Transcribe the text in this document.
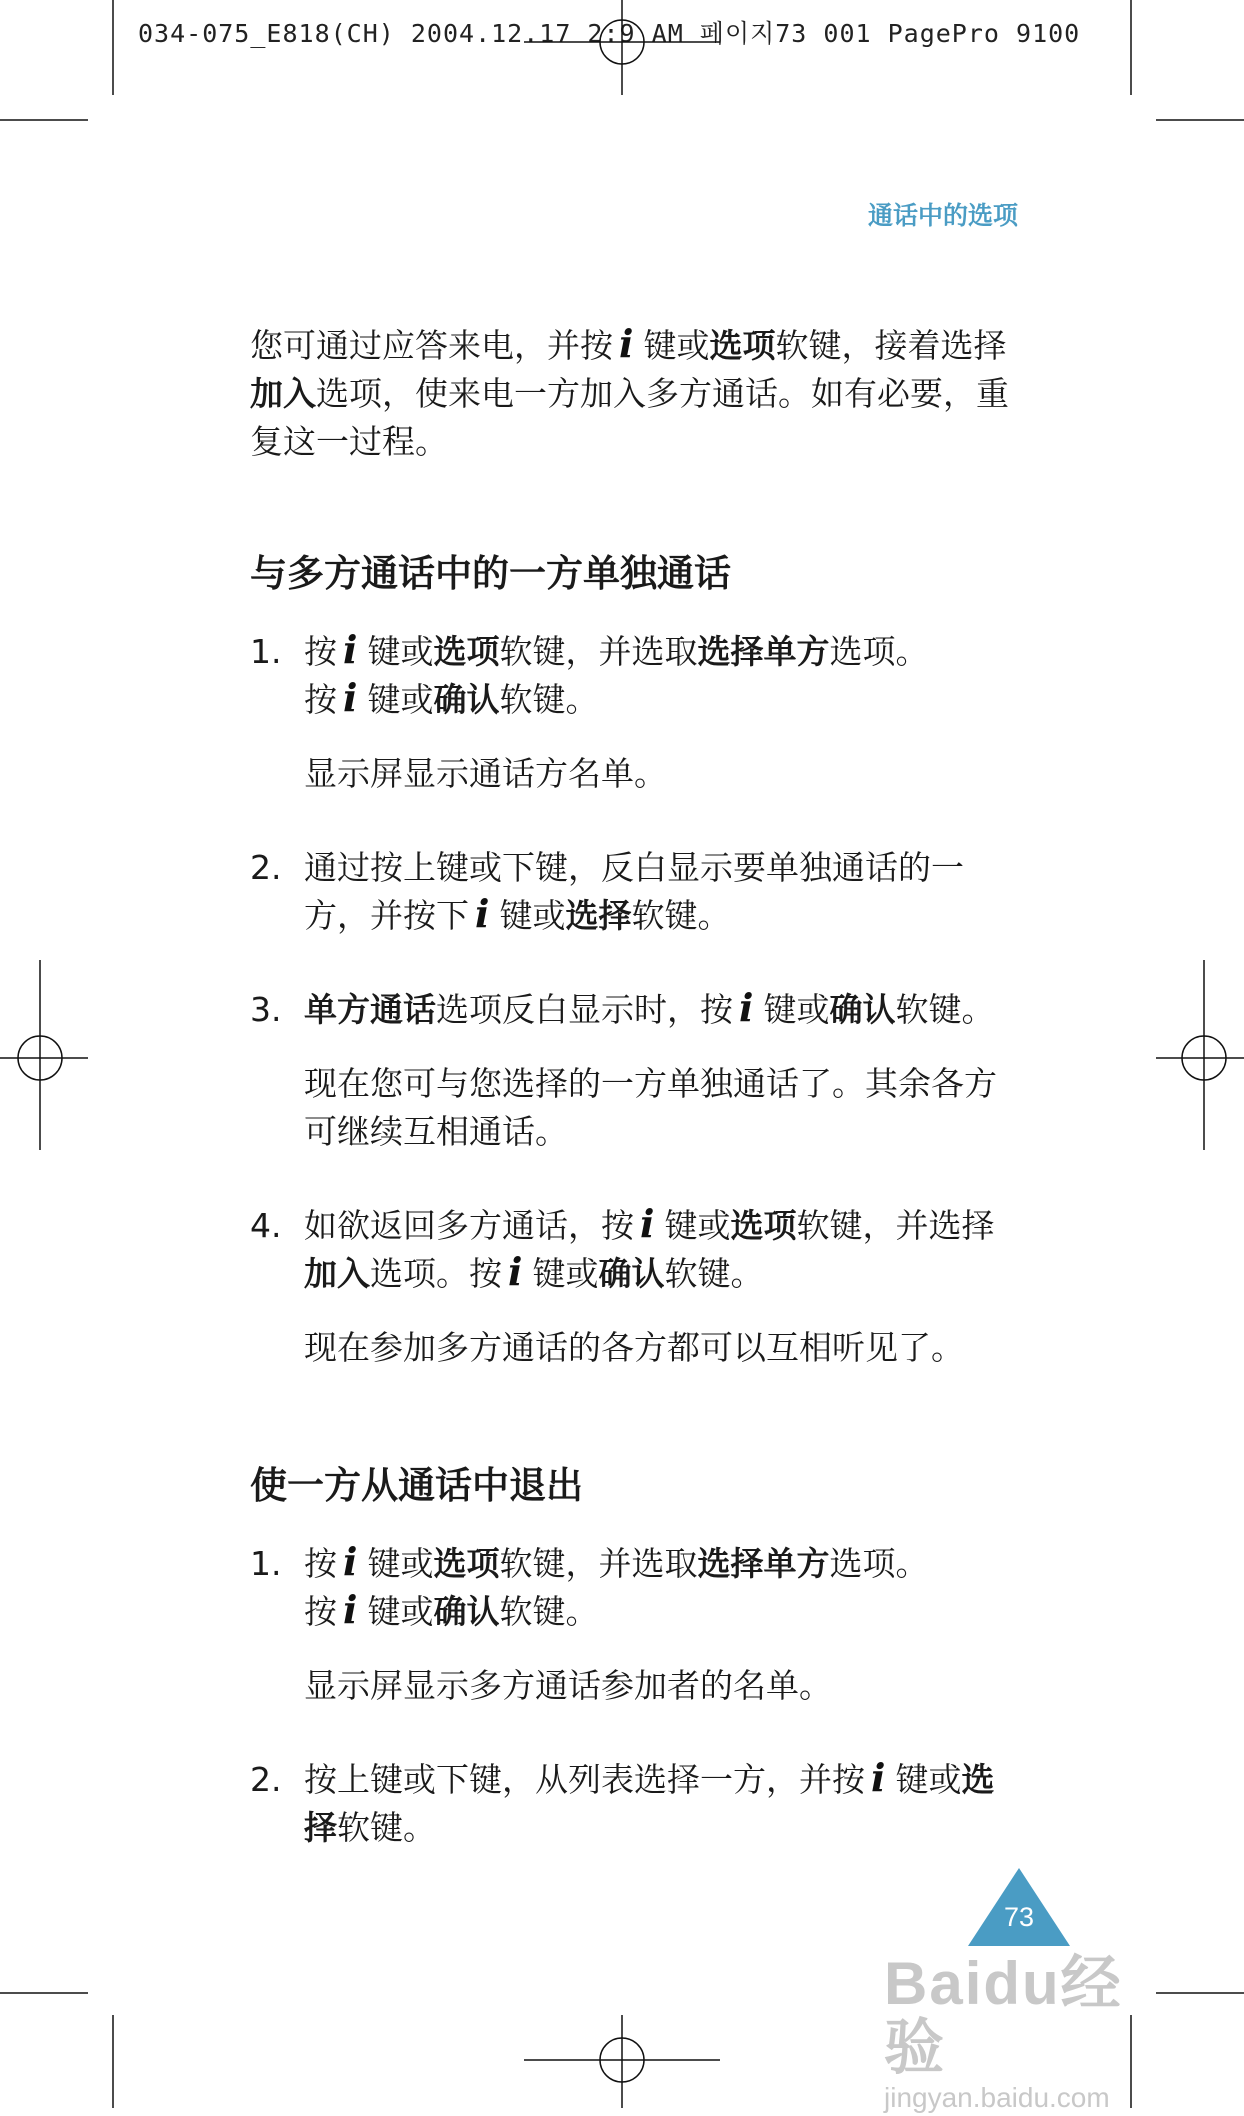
034-075_E818(CH) 2004.12.17 2:9 AM 페이지73 001 PagePro 9100
通话中的选项

您可通过应答来电，并按 i 键或选项软键，接着选择加入选项，使来电一方加入多方通话。如有必要，重复这一过程。

与多方通话中的一方单独通话
1. 按 i 键或选项软键，并选取选择单方选项。
按 i 键或确认软键。

显示屏显示通话方名单。

2. 通过按上键或下键，反白显示要单独通话的一方，并按下 i 键或选择软键。

3. 单方通话选项反白显示时，按 i 键或确认软键。

现在您可与您选择的一方单独通话了。其余各方可继续互相通话。

4. 如欲返回多方通话，按 i 键或选项软键，并选择加入选项。按 i 键或确认软键。

现在参加多方通话的各方都可以互相听见了。

使一方从通话中退出
1. 按 i 键或选项软键，并选取选择单方选项。
按 i 键或确认软键。

显示屏显示多方通话参加者的名单。

2. 按上键或下键，从列表选择一方，并按 i 键或选择软键。

73
Baidu经验
jingyan.baidu.com
